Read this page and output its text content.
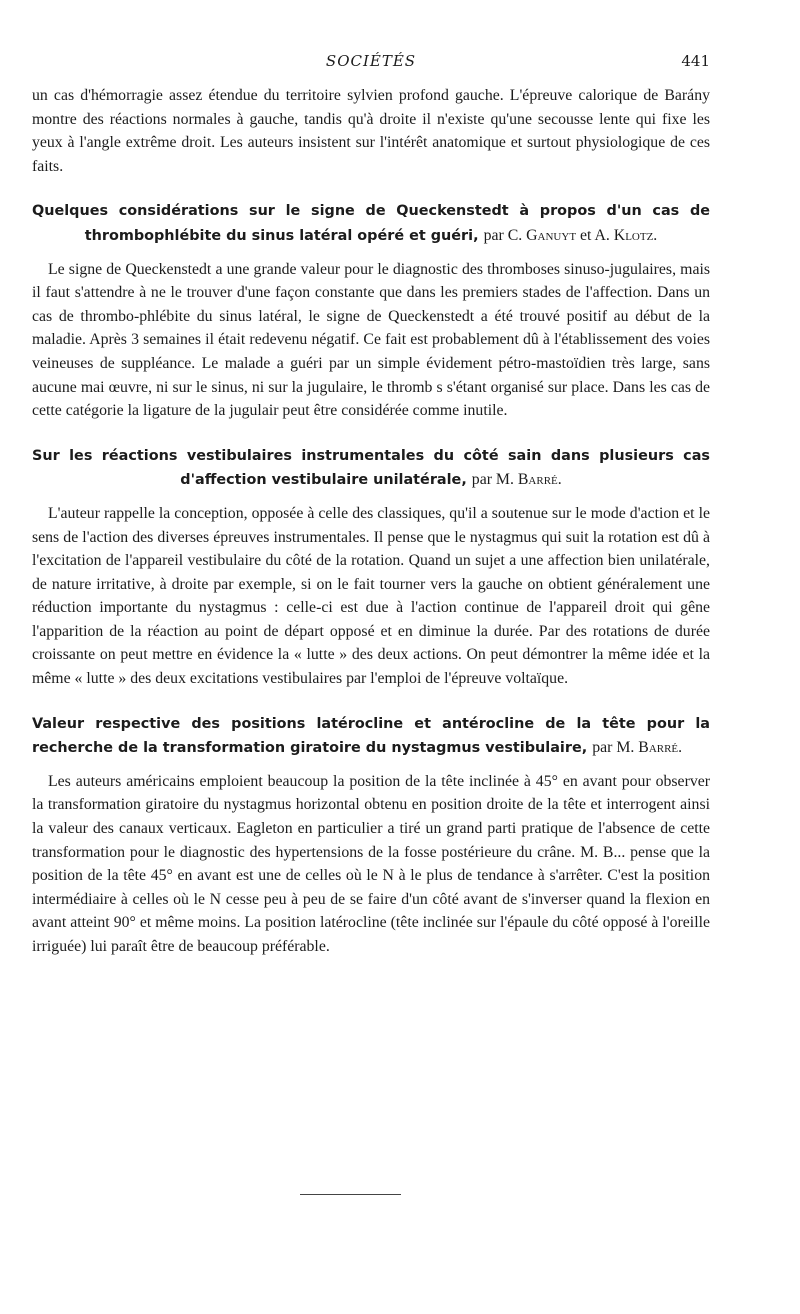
SOCIÉTÉS	441

un cas d'hémorragie assez étendue du territoire sylvien profond gauche. L'épreuve calorique de Barány montre des réactions normales à gauche, tandis qu'à droite il n'existe qu'une secousse lente qui fixe les yeux à l'angle extrême droit. Les auteurs insistent sur l'intérêt anatomique et surtout physiologique de ces faits.

Quelques considérations sur le signe de Queckenstedt à propos d'un cas de thrombophlébite du sinus latéral opéré et guéri, par C. Ganuyt et A. Klotz.

Le signe de Queckenstedt a une grande valeur pour le diagnostic des thromboses sinuso-jugulaires, mais il faut s'attendre à ne le trouver d'une façon constante que dans les premiers stades de l'affection. Dans un cas de thrombo-phlébite du sinus latéral, le signe de Queckenstedt a été trouvé positif au début de la maladie. Après 3 semaines il était redevenu négatif. Ce fait est probablement dû à l'établissement des voies veineuses de suppléance. Le malade a guéri par un simple évidement pétro-mastoïdien très large, sans aucune mai œuvre, ni sur le sinus, ni sur la jugulaire, le thromb s s'étant organisé sur place. Dans les cas de cette catégorie la ligature de la jugulair peut être considérée comme inutile.

Sur les réactions vestibulaires instrumentales du côté sain dans plusieurs cas d'affection vestibulaire unilatérale, par M. Barré.

L'auteur rappelle la conception, opposée à celle des classiques, qu'il a soutenue sur le mode d'action et le sens de l'action des diverses épreuves instrumentales. Il pense que le nystagmus qui suit la rotation est dû à l'excitation de l'appareil vestibulaire du côté de la rotation. Quand un sujet a une affection bien unilatérale, de nature irritative, à droite par exemple, si on le fait tourner vers la gauche on obtient généralement une réduction importante du nystagmus : celle-ci est due à l'action continue de l'appareil droit qui gêne l'apparition de la réaction au point de départ opposé et en diminue la durée. Par des rotations de durée croissante on peut mettre en évidence la « lutte » des deux actions. On peut démontrer la même idée et la même « lutte » des deux excitations vestibulaires par l'emploi de l'épreuve voltaïque.

Valeur respective des positions latérocline et antérocline de la tête pour la recherche de la transformation giratoire du nystagmus vestibulaire, par M. Barré.

Les auteurs américains emploient beaucoup la position de la tête inclinée à 45° en avant pour observer la transformation giratoire du nystagmus horizontal obtenu en position droite de la tête et interrogent ainsi la valeur des canaux verticaux. Eagleton en particulier a tiré un grand parti pratique de l'absence de cette transformation pour le diagnostic des hypertensions de la fosse postérieure du crâne. M. B... pense que la position de la tête 45° en avant est une de celles où le N à le plus de tendance à s'arrêter. C'est la position intermédiaire à celles où le N cesse peu à peu de se faire d'un côté avant de s'inverser quand la flexion en avant atteint 90° et même moins. La position latérocline (tête inclinée sur l'épaule du côté opposé à l'oreille irriguée) lui paraît être de beaucoup préférable.
